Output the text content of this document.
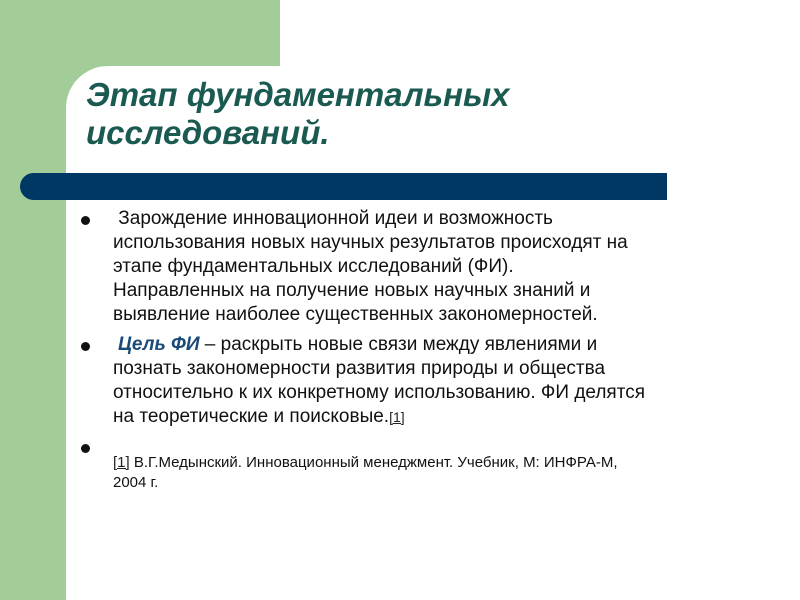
Этап фундаментальных
исследований.
Зарождение инновационной идеи и возможность
использования новых научных результатов происходят на
этапе фундаментальных исследований (ФИ).
Направленных на получение новых научных знаний и
выявление наиболее существенных закономерностей.
Цель ФИ – раскрыть новые связи между явлениями и
познать закономерности развития природы и общества
относительно к их конкретному использованию. ФИ делятся
на теоретические и поисковые.[1]
[1] В.Г.Медынский. Инновационный менеджмент. Учебник, М: ИНФРА-М,
2004 г.
